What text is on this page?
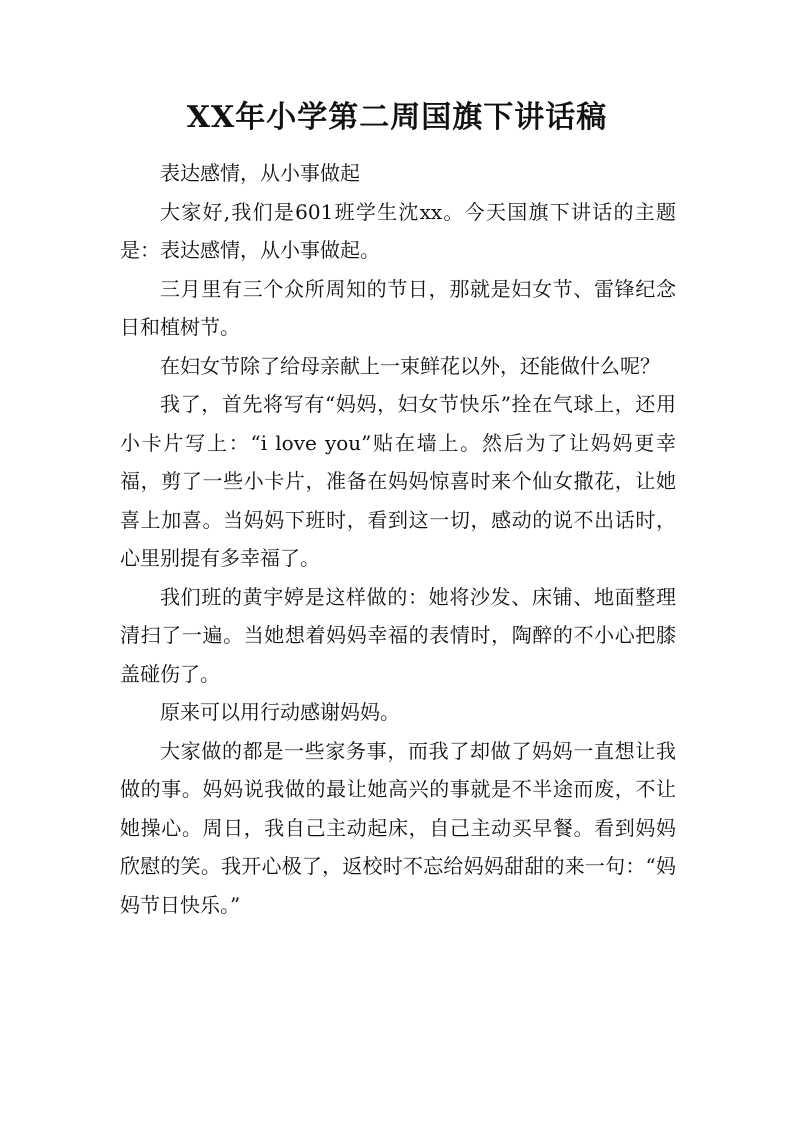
XX年小学第二周国旗下讲话稿

表达感情，从小事做起

大家好,我们是601班学生沈xx。今天国旗下讲话的主题是：表达感情，从小事做起。

三月里有三个众所周知的节日，那就是妇女节、雷锋纪念日和植树节。

在妇女节除了给母亲献上一束鲜花以外，还能做什么呢？

我了，首先将写有“妈妈，妇女节快乐”拴在气球上，还用小卡片写上：“i love you”贴在墙上。然后为了让妈妈更幸福，剪了一些小卡片，准备在妈妈惊喜时来个仙女撒花，让她喜上加喜。当妈妈下班时，看到这一切，感动的说不出话时，心里别提有多幸福了。

我们班的黄宇婷是这样做的：她将沙发、床铺、地面整理清扫了一遍。当她想着妈妈幸福的表情时，陶醉的不小心把膝盖碰伤了。

原来可以用行动感谢妈妈。

大家做的都是一些家务事，而我了却做了妈妈一直想让我做的事。妈妈说我做的最让她高兴的事就是不半途而废，不让她操心。周日，我自己主动起床，自己主动买早餐。看到妈妈欣慰的笑。我开心极了，返校时不忘给妈妈甜甜的来一句：“妈妈节日快乐。”
